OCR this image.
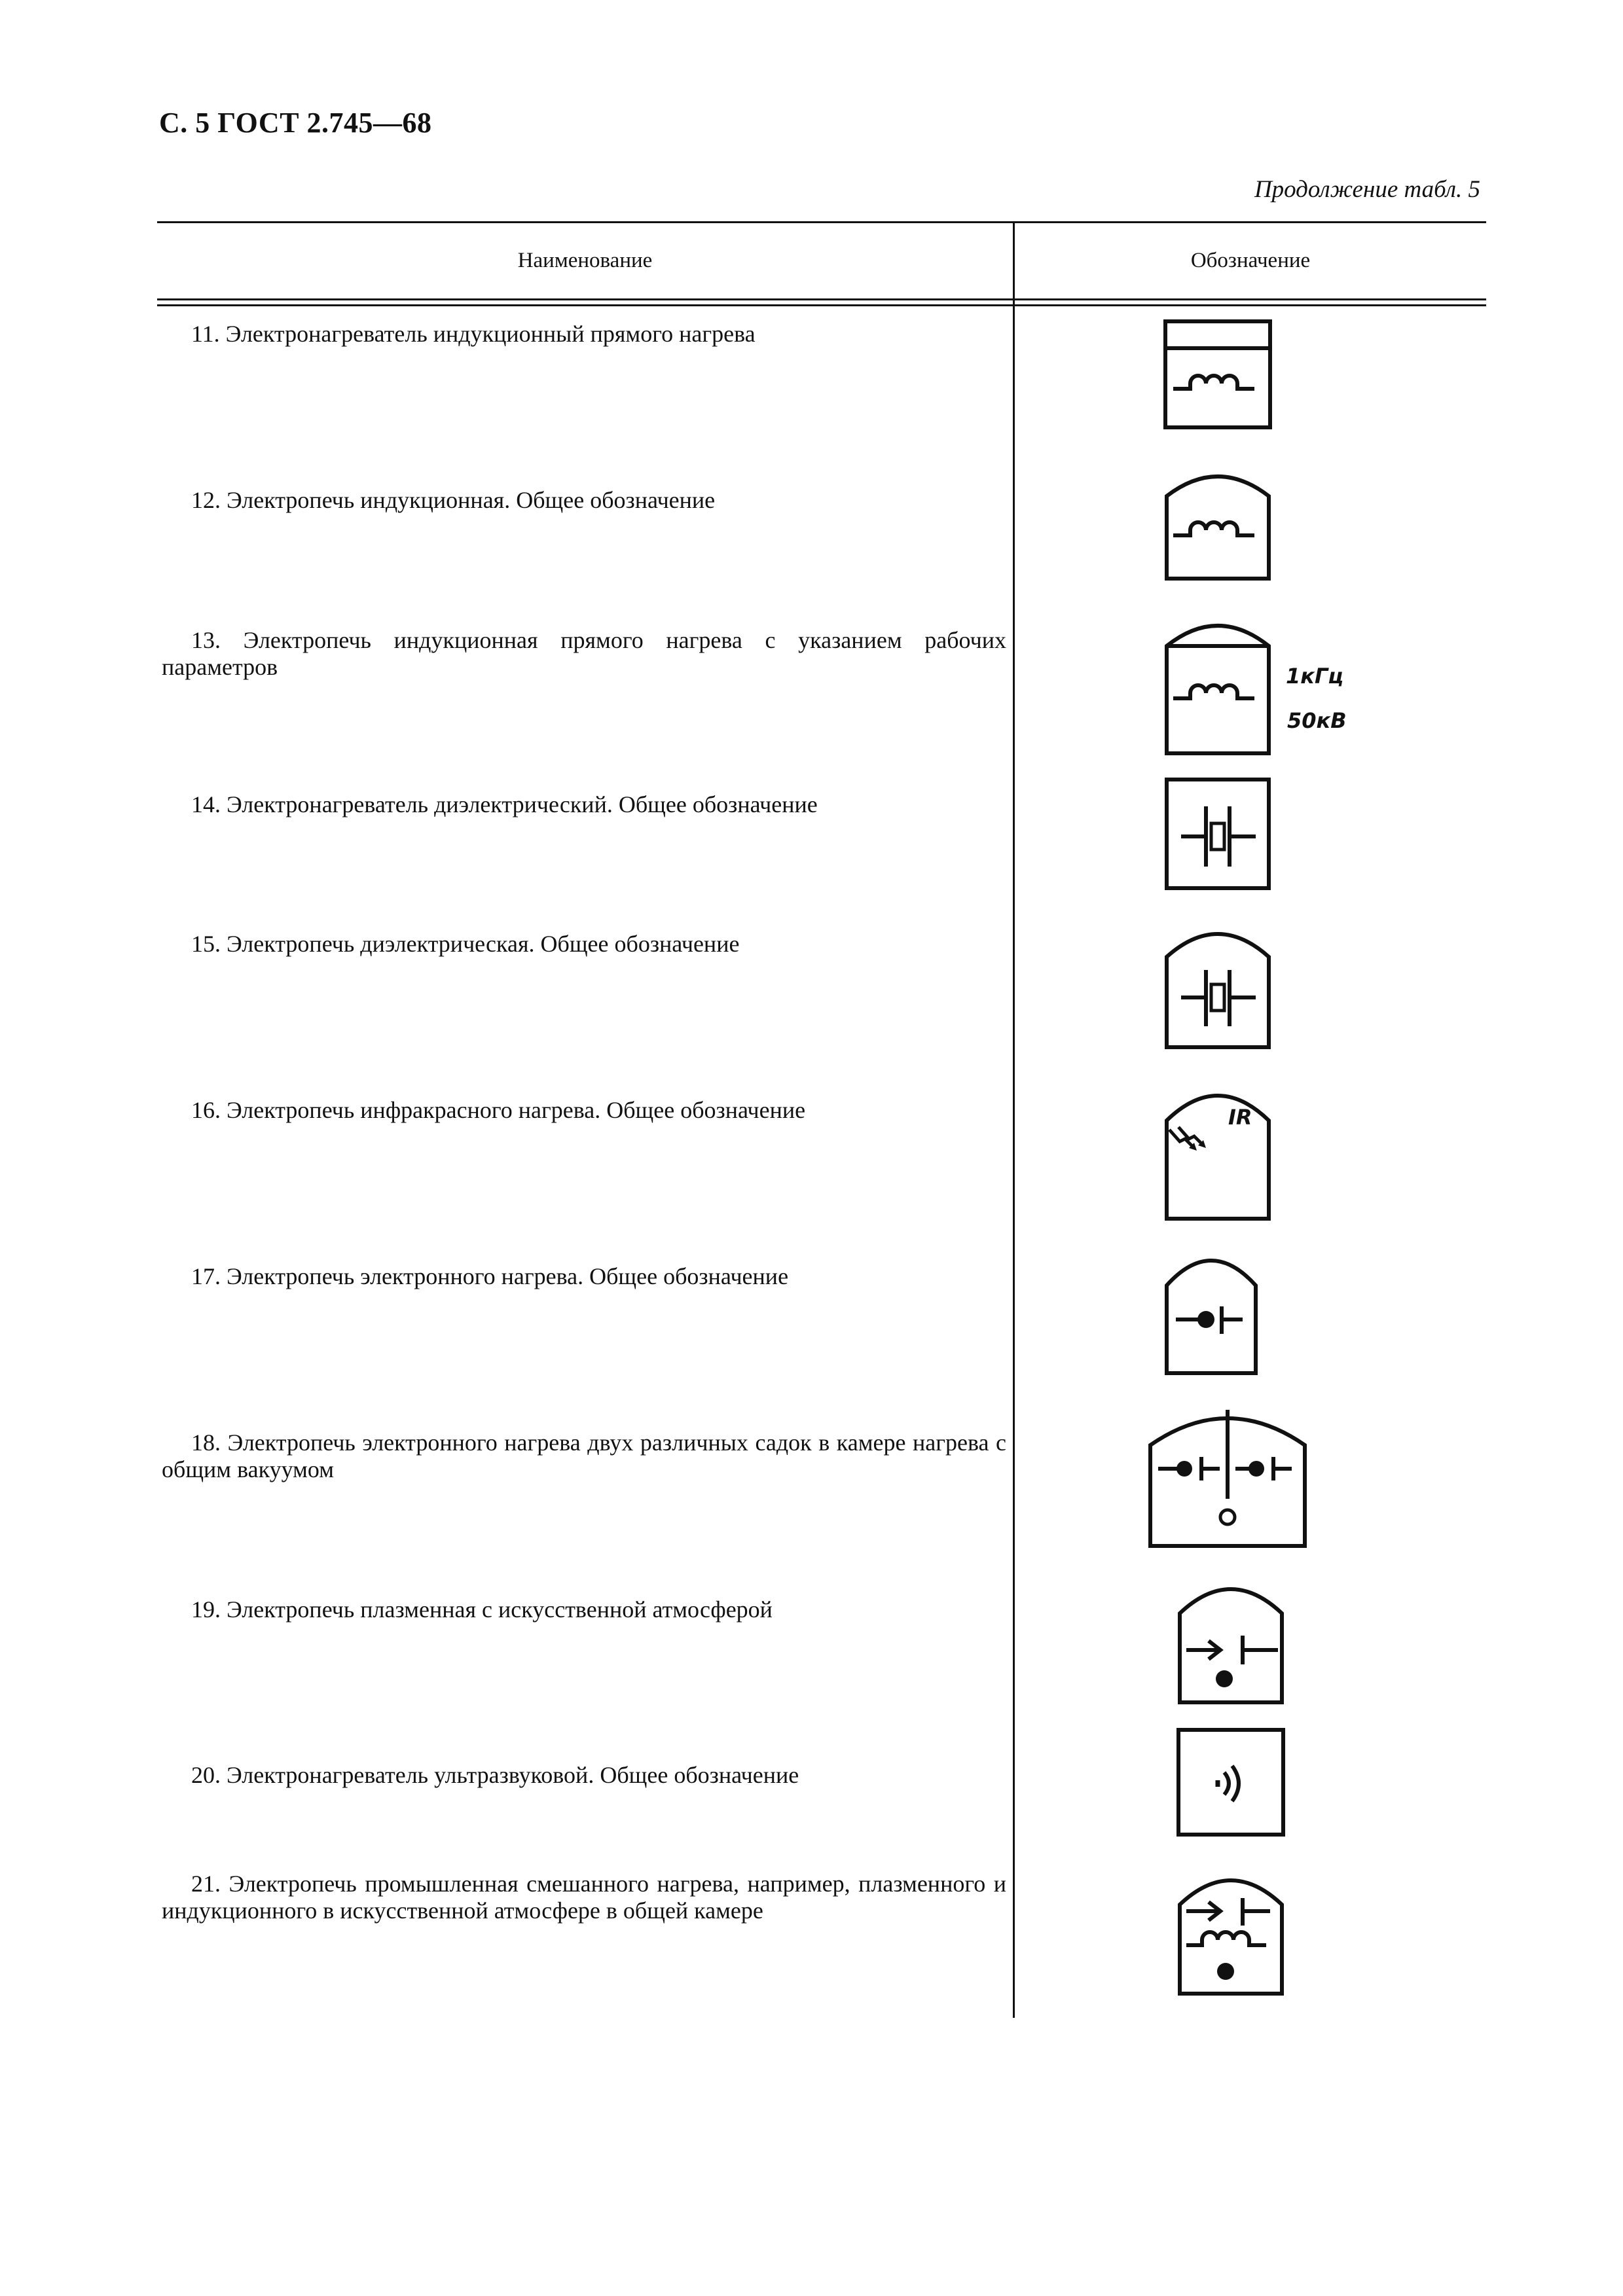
С. 5 ГОСТ 2.745—68
Продолжение табл. 5
Наименование	Обозначение
11. Электронагреватель индукционный прямого нагрева
12. Электропечь индукционная. Общее обозначение
13. Электропечь индукционная прямого нагрева с указанием рабочих параметров
14. Электронагреватель диэлектрический. Общее обозначение
15. Электропечь диэлектрическая. Общее обозначение
16. Электропечь инфракрасного нагрева. Общее обозначение
17. Электропечь электронного нагрева. Общее обозначение
18. Электропечь электронного нагрева двух различных садок в камере нагрева с общим вакуумом
19. Электропечь плазменная с искусственной атмосферой
20. Электронагреватель ультразвуковой. Общее обозначение
21. Электропечь промышленная смешанного нагрева, например, плазменного и индукционного в искусственной атмосфере в общей камере
1кГц
50кВ
IR
